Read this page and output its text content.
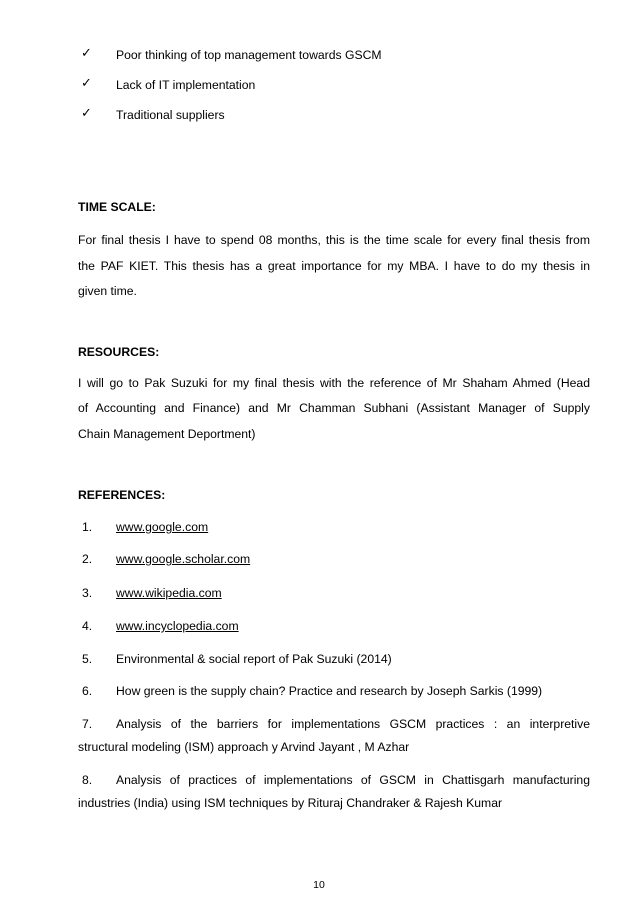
✓ Poor thinking of top management towards GSCM
✓ Lack of IT implementation
✓ Traditional suppliers
TIME SCALE:
For final thesis I have to spend 08 months, this is the time scale for every final thesis from
the PAF KIET. This thesis has a great importance for my MBA. I have to do my thesis in
given time.
RESOURCES:
I will go to Pak Suzuki for my final thesis with the reference of Mr Shaham Ahmed (Head
of Accounting and Finance) and Mr Chamman Subhani (Assistant Manager of Supply
Chain Management Deportment)
REFERENCES:
1. www.google.com
2. www.google.scholar.com
3. www.wikipedia.com
4. www.incyclopedia.com
5. Environmental & social report of Pak Suzuki (2014)
6. How green is the supply chain? Practice and research by Joseph Sarkis (1999)
7. Analysis of the barriers for implementations GSCM practices : an interpretive
structural modeling (ISM) approach y Arvind Jayant , M Azhar
8. Analysis of practices of implementations of GSCM in Chattisgarh manufacturing
industries (India) using ISM techniques by Rituraj Chandraker & Rajesh Kumar
10
